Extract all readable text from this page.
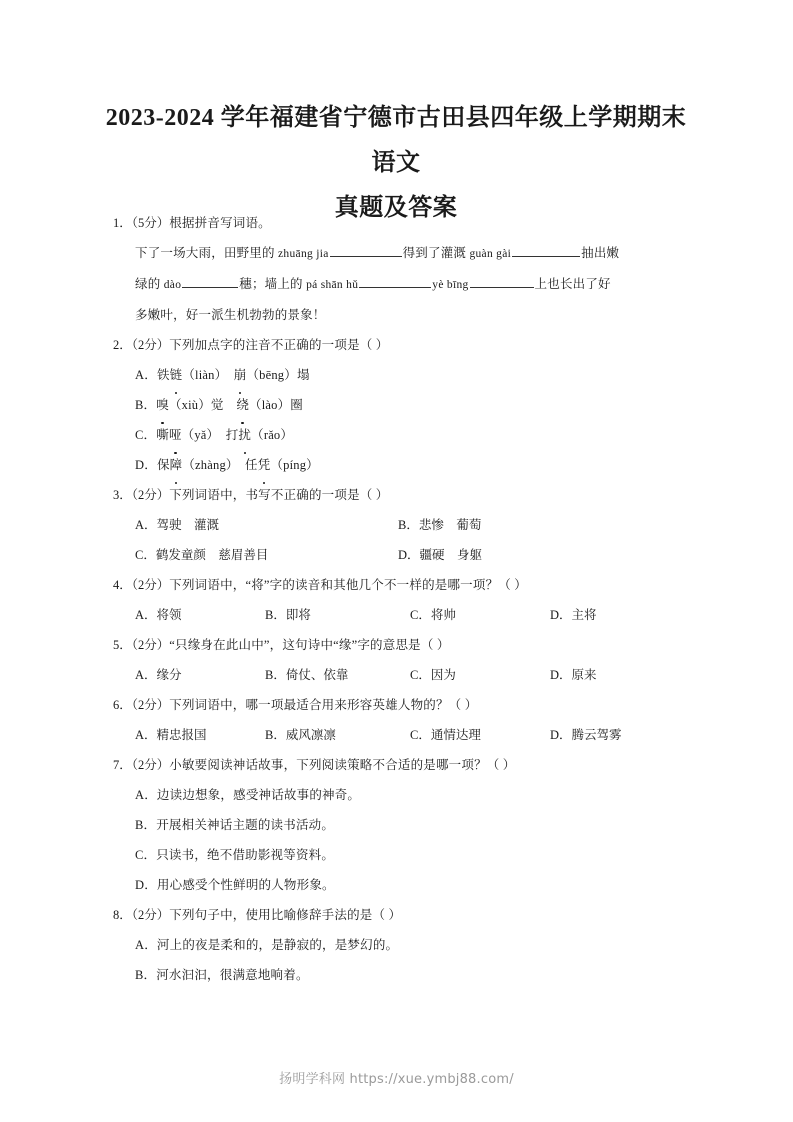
2023-2024 学年福建省宁德市古田县四年级上学期期末语文
真题及答案
1．（5分）根据拼音写词语。
下了一场大雨，田野里的 zhuāng jia	得到了灌溉 guàn gài	抽出嫩
绿的 dào	穗；墙上的 pá shān hǔ	yè bīng	上也长出了好
多嫩叶，好一派生机勃勃的景象！
2．（2分）下列加点字的注音不正确的一项是（ ）
A．铁链（liàn）　崩（bēng）塌
B．嗅（xiù）觉　绕（lào）圈
C．嘶哑（yǎ）　打扰（rǎo）
D．保障（zhàng）　任凭（píng）
3．（2分）下列词语中，书写不正确的一项是（ ）
A．驾驶　灌溉	B．悲惨　葡萄
C．鹤发童颜　慈眉善目	D．疆硬　身躯
4．（2分）下列词语中，“将”字的读音和其他几个不一样的是哪一项？（ ）
A．将领	B．即将	C．将帅	D．主将
5．（2分）“只缘身在此山中”，这句诗中“缘”字的意思是（ ）
A．缘分	B．倚仗、依靠	C．因为	D．原来
6．（2分）下列词语中，哪一项最适合用来形容英雄人物的？（ ）
A．精忠报国	B．威风凛凛	C．通情达理	D．腾云驾雾
7．（2分）小敏要阅读神话故事，下列阅读策略不合适的是哪一项？（ ）
A．边读边想象，感受神话故事的神奇。
B．开展相关神话主题的读书活动。
C．只读书，绝不借助影视等资料。
D．用心感受个性鲜明的人物形象。
8．（2分）下列句子中，使用比喻修辞手法的是（ ）
A．河上的夜是柔和的，是静寂的，是梦幻的。
B．河水汩汩，很满意地响着。
扬明学科网 https://xue.ymbj88.com/
